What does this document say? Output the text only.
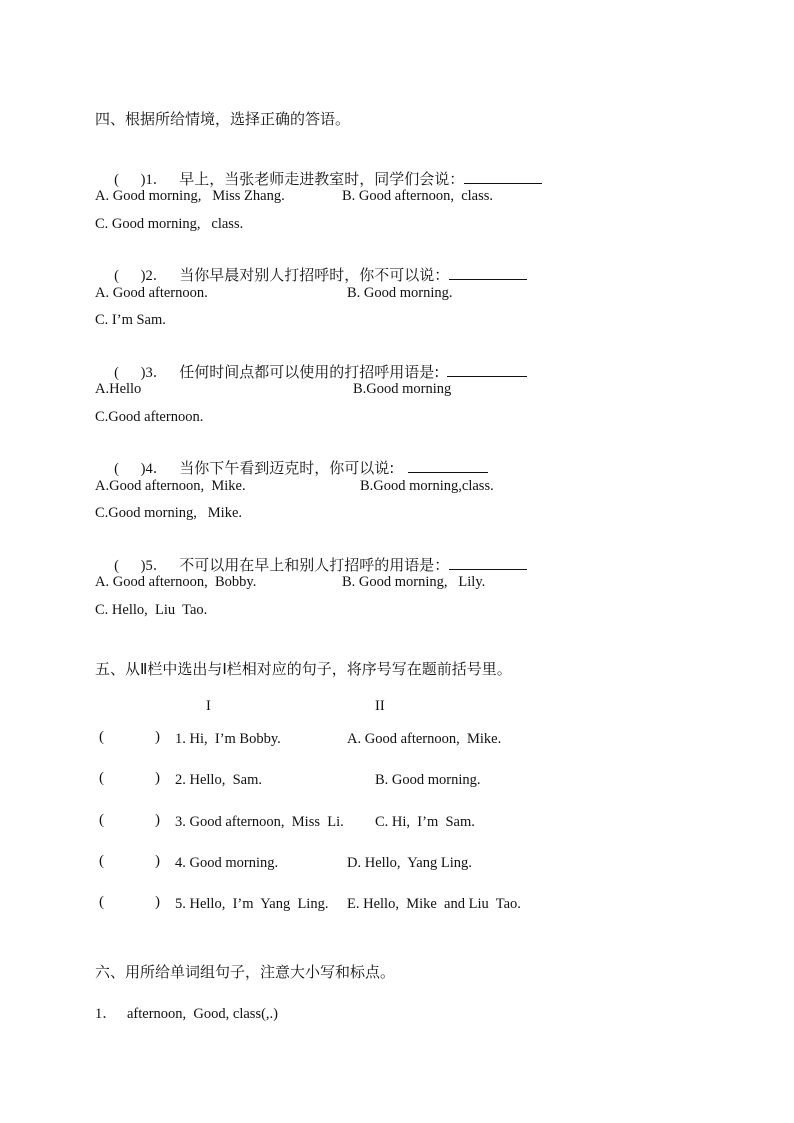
四、根据所给情境，选择正确的答语。

(      )1． 早上，当张老师走进教室时，同学们会说：

A. Good morning,   Miss Zhang.	B. Good afternoon,  class.
C. Good morning,   class.

(      )2． 当你早晨对别人打招呼时，你不可以说：

A. Good afternoon.	B. Good morning.
C. I’m Sam.

(      )3． 任何时间点都可以使用的打招呼用语是:

A.Hello	B.Good morning
C.Good afternoon.

(      )4． 当你下午看到迈克时，你可以说:

A.Good afternoon,  Mike.	B.Good morning,class.
C.Good morning,   Mike.

(      )5． 不可以用在早上和别人打招呼的用语是：

A. Good afternoon,  Bobby.	B. Good morning,   Lily.
C. Hello,  Liu  Tao.
五、从Ⅱ栏中选出与Ⅰ栏相对应的句子，将序号写在题前括号里。
I	II
(	) 1. Hi,  I’m Bobby.	A. Good afternoon,  Mike.
(	) 2. Hello,  Sam.	B. Good morning.
(	) 3. Good afternoon,  Miss  Li. C. Hi,  I’m  Sam.
(	) 4. Good morning.	D. Hello,  Yang Ling.
(	) 5. Hello,  I’m  Yang  Ling. E. Hello,  Mike  and Liu  Tao.
六、用所给单词组句子，注意大小写和标点。
1． afternoon,  Good, class(,.)
